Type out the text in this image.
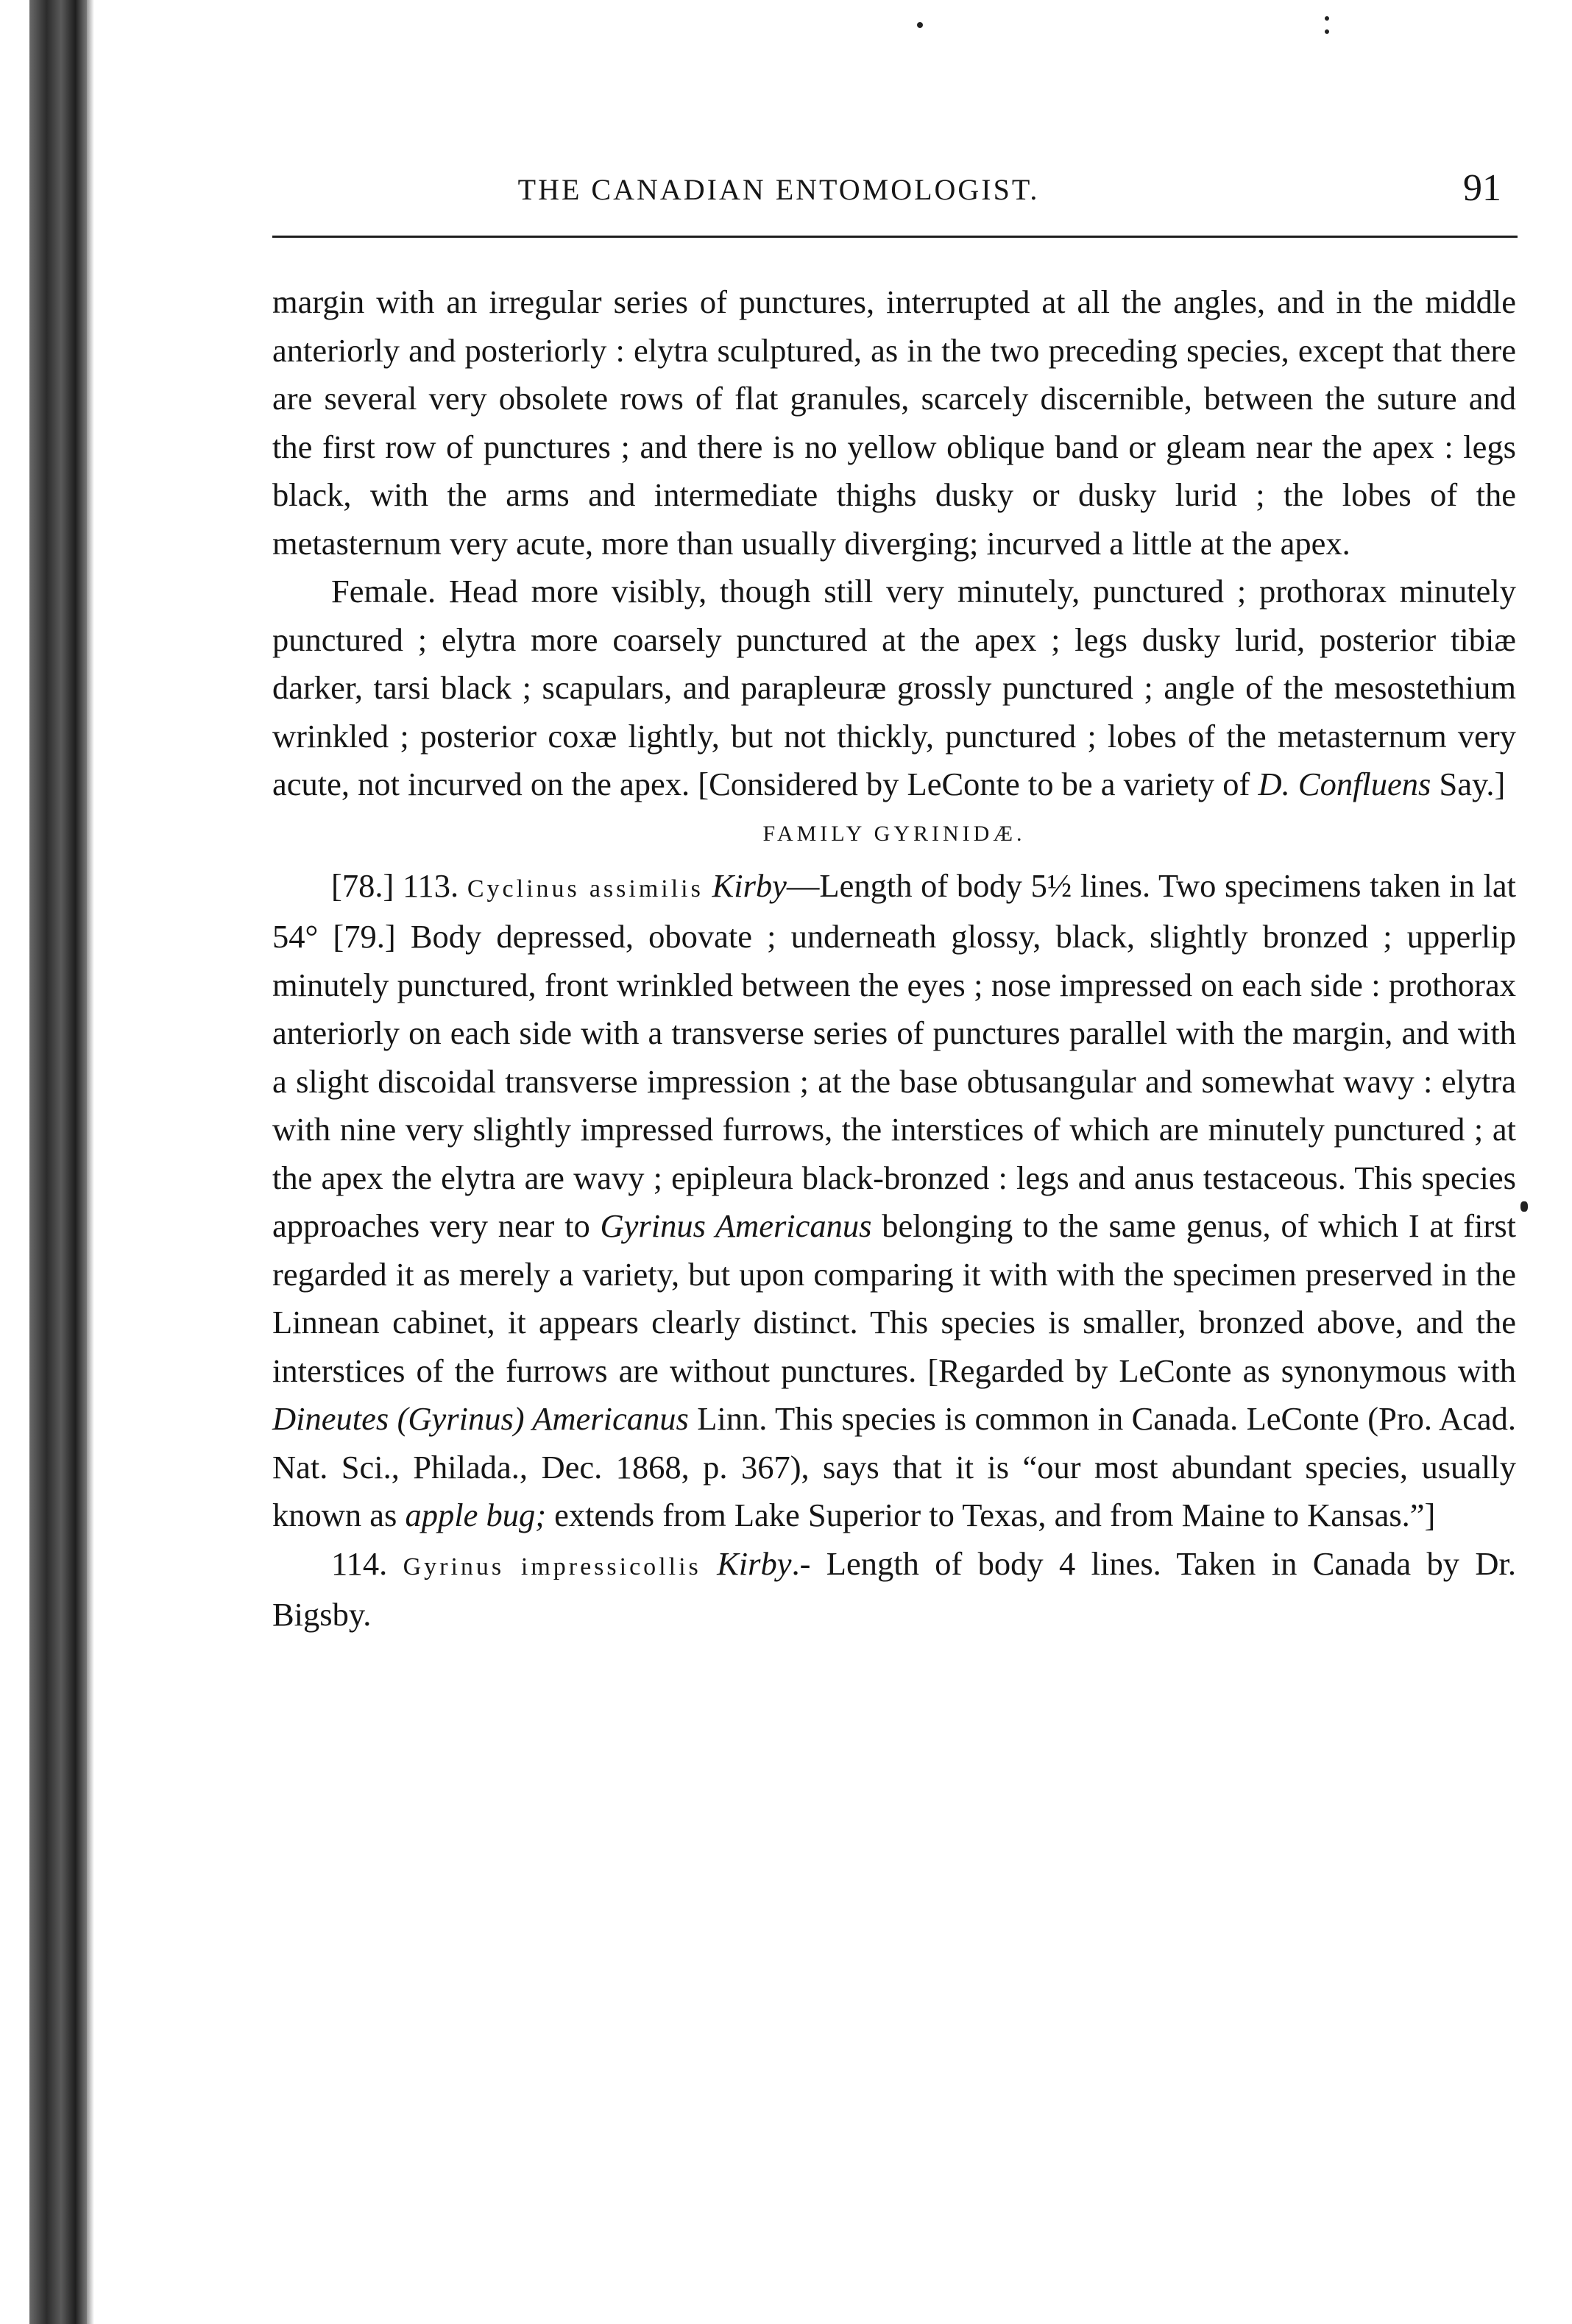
THE CANADIAN ENTOMOLOGIST.	91

margin with an irregular series of punctures, interrupted at all the angles, and in the middle anteriorly and posteriorly : elytra sculptured, as in the two preceding species, except that there are several very obsolete rows of flat granules, scarcely discernible, between the suture and the first row of punctures ; and there is no yellow oblique band or gleam near the apex : legs black, with the arms and intermediate thighs dusky or dusky lurid ; the lobes of the metasternum very acute, more than usually diverging; incurved a little at the apex.

Female. Head more visibly, though still very minutely, punctured ; prothorax minutely punctured ; elytra more coarsely punctured at the apex ; legs dusky lurid, posterior tibiæ darker, tarsi black ; scapulars, and parapleuræ grossly punctured ; angle of the mesostethium wrinkled ; posterior coxæ lightly, but not thickly, punctured ; lobes of the metasternum very acute, not incurved on the apex. [Considered by LeConte to be a variety of D. Confluens Say.]

FAMILY GYRINIDÆ.

[78.] 113. Cyclinus assimilis Kirby—Length of body 5½ lines. Two specimens taken in lat 54° [79.] Body depressed, obovate ; underneath glossy, black, slightly bronzed ; upperlip minutely punctured, front wrinkled between the eyes ; nose impressed on each side : prothorax anteriorly on each side with a transverse series of punctures parallel with the margin, and with a slight discoidal transverse impression ; at the base obtusangular and somewhat wavy : elytra with nine very slightly impressed furrows, the interstices of which are minutely punctured ; at the apex the elytra are wavy ; epipleura black-bronzed : legs and anus testaceous. This species approaches very near to Gyrinus Americanus belonging to the same genus, of which I at first regarded it as merely a variety, but upon comparing it with with the specimen preserved in the Linnean cabinet, it appears clearly distinct. This species is smaller, bronzed above, and the interstices of the furrows are without punctures. [Regarded by LeConte as synonymous with Dineutes (Gyrinus) Americanus Linn. This species is common in Canada. LeConte (Pro. Acad. Nat. Sci., Philada., Dec. 1868, p. 367), says that it is “our most abundant species, usually known as apple bug; extends from Lake Superior to Texas, and from Maine to Kansas.”]

114. Gyrinus impressicollis Kirby.- Length of body 4 lines. Taken in Canada by Dr. Bigsby.
